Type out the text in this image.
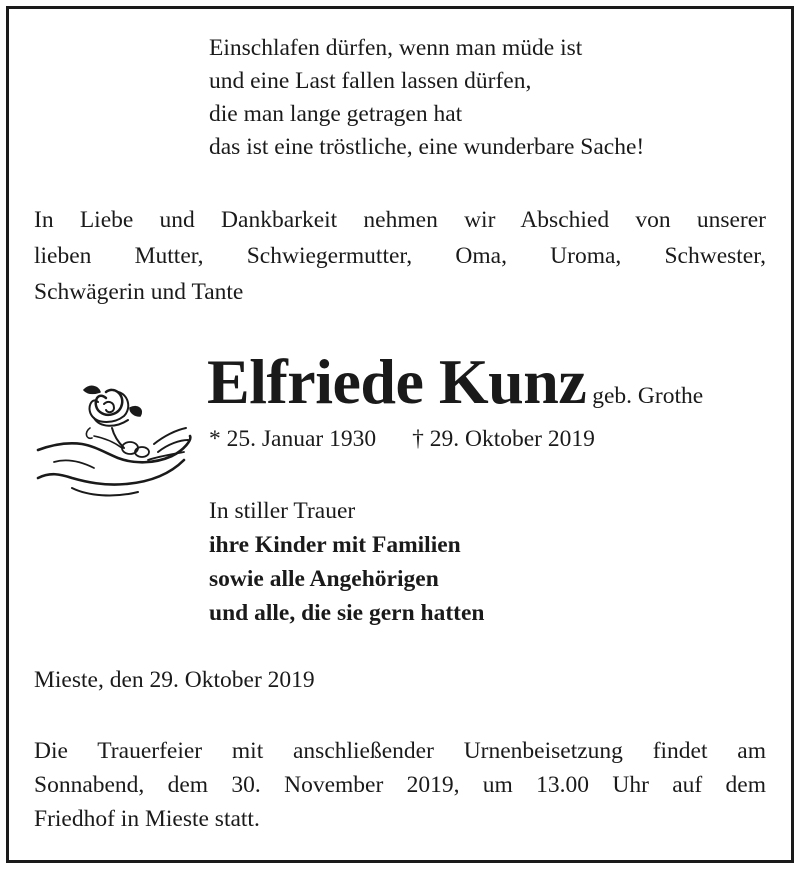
Einschlafen dürfen, wenn man müde ist
und eine Last fallen lassen dürfen,
die man lange getragen hat
das ist eine tröstliche, eine wunderbare Sache!
In Liebe und Dankbarkeit nehmen wir Abschied von unserer
lieben Mutter, Schwiegermutter, Oma, Uroma, Schwester,
Schwägerin und Tante
Elfriede Kunz geb. Grothe
* 25. Januar 1930 † 29. Oktober 2019
In stiller Trauer
ihre Kinder mit Familien
sowie alle Angehörigen
und alle, die sie gern hatten
Mieste, den 29. Oktober 2019
Die Trauerfeier mit anschließender Urnenbeisetzung findet am
Sonnabend, dem 30. November 2019, um 13.00 Uhr auf dem
Friedhof in Mieste statt.
